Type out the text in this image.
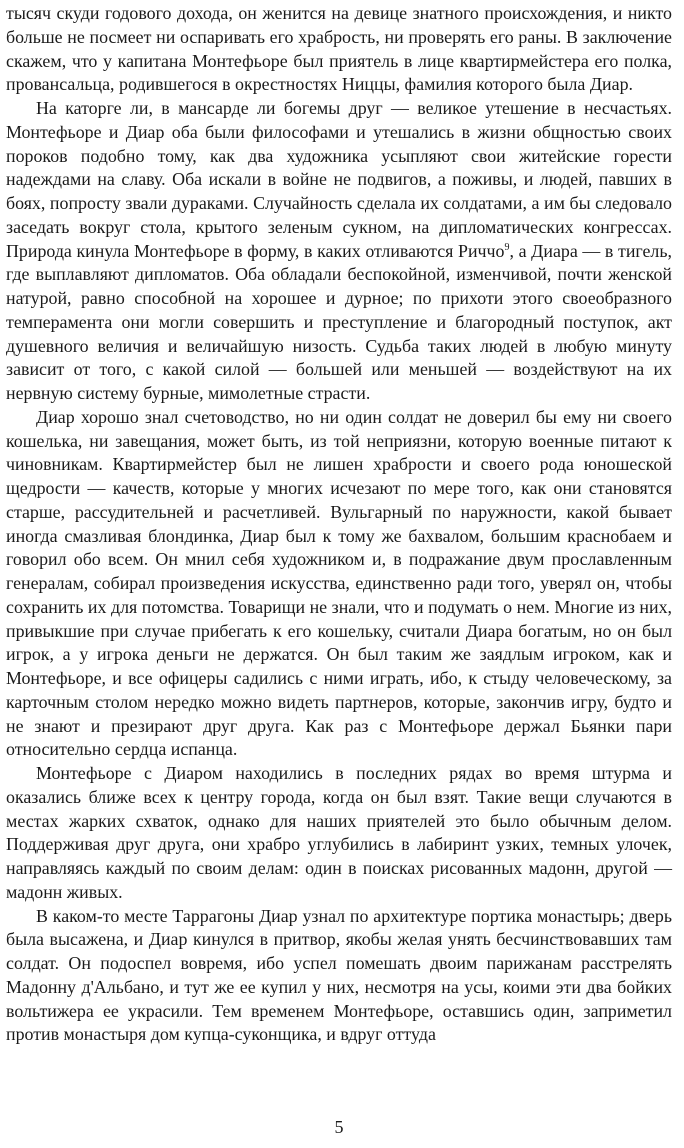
тысяч скуди годового дохода, он женится на девице знатного происхождения, и никто больше не посмеет ни оспаривать его храбрость, ни проверять его раны. В заключение скажем, что у капитана Монтефьоре был приятель в лице квартирмейстера его полка, провансальца, родившегося в окрестностях Ниццы, фамилия которого была Диар.

На каторге ли, в мансарде ли богемы друг — великое утешение в несчастьях. Монтефьоре и Диар оба были философами и утешались в жизни общностью своих пороков подобно тому, как два художника усыпляют свои житейские горести надеждами на славу. Оба искали в войне не подвигов, а поживы, и людей, павших в боях, попросту звали дураками. Случайность сделала их солдатами, а им бы следовало заседать вокруг стола, крытого зеленым сукном, на дипломатических конгрессах. Природа кинула Монтефьоре в форму, в каких отливаются Риччо$^9$, а Диара — в тигель, где выплавляют дипломатов. Оба обладали беспокойной, изменчивой, почти женской натурой, равно способной на хорошее и дурное; по прихоти этого своеобразного темперамента они могли совершить и преступление и благородный поступок, акт душевного величия и величайшую низость. Судьба таких людей в любую минуту зависит от того, с какой силой — большей или меньшей — воздействуют на их нервную систему бурные, мимолетные страсти.

Диар хорошо знал счетоводство, но ни один солдат не доверил бы ему ни своего кошелька, ни завещания, может быть, из той неприязни, которую военные питают к чиновникам. Квартирмейстер был не лишен храбрости и своего рода юношеской щедрости — качеств, которые у многих исчезают по мере того, как они становятся старше, рассудительней и расчетливей. Вульгарный по наружности, какой бывает иногда смазливая блондинка, Диар был к тому же бахвалом, большим краснобаем и говорил обо всем. Он мнил себя художником и, в подражание двум прославленным генералам, собирал произведения искусства, единственно ради того, уверял он, чтобы сохранить их для потомства. Товарищи не знали, что и подумать о нем. Многие из них, привыкшие при случае прибегать к его кошельку, считали Диара богатым, но он был игрок, а у игрока деньги не держатся. Он был таким же заядлым игроком, как и Монтефьоре, и все офицеры садились с ними играть, ибо, к стыду человеческому, за карточным столом нередко можно видеть партнеров, которые, закончив игру, будто и не знают и презирают друг друга. Как раз с Монтефьоре держал Бьянки пари относительно сердца испанца.

Монтефьоре с Диаром находились в последних рядах во время штурма и оказались ближе всех к центру города, когда он был взят. Такие вещи случаются в местах жарких схваток, однако для наших приятелей это было обычным делом. Поддерживая друг друга, они храбро углубились в лабиринт узких, темных улочек, направляясь каждый по своим делам: один в поисках рисованных мадонн, другой — мадонн живых.

В каком-то месте Таррагоны Диар узнал по архитектуре портика монастырь; дверь была высажена, и Диар кинулся в притвор, якобы желая унять бесчинствовавших там солдат. Он подоспел вовремя, ибо успел помешать двоим парижанам расстрелять Мадонну д'Альбано, и тут же ее купил у них, несмотря на усы, коими эти два бойких вольтижера ее украсили. Тем временем Монтефьоре, оставшись один, заприметил против монастыря дом купца-суконщика, и вдруг оттуда

5
